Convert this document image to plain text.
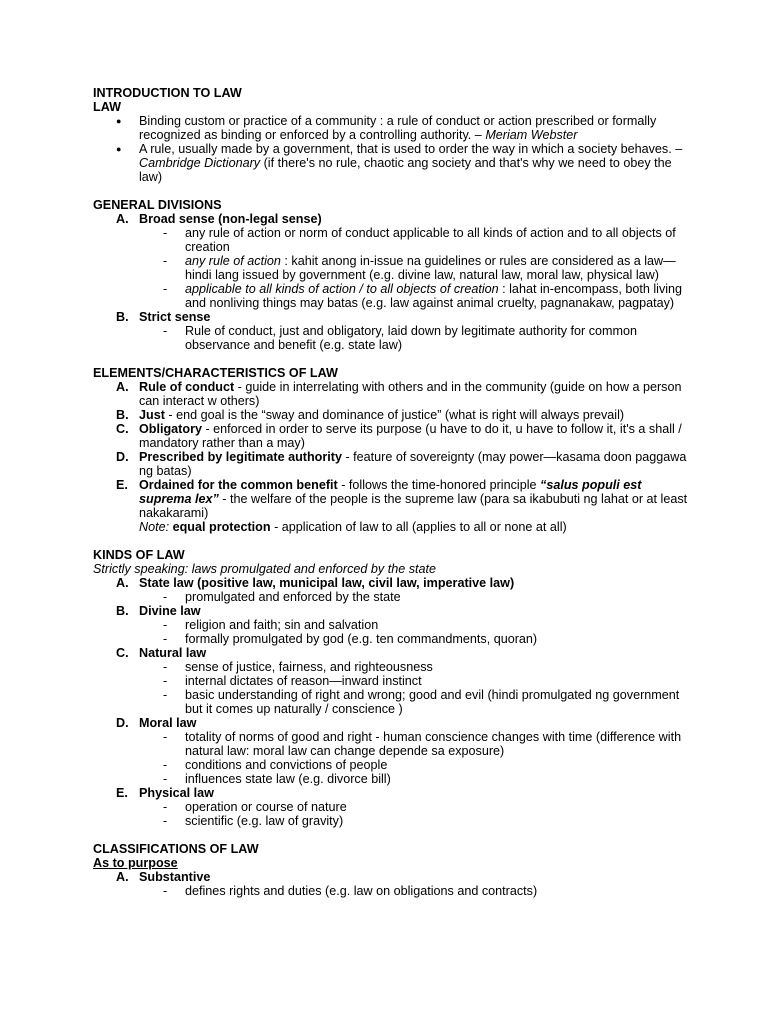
INTRODUCTION TO LAW
LAW
● Binding custom or practice of a community : a rule of conduct or action prescribed or formally recognized as binding or enforced by a controlling authority. – Meriam Webster
● A rule, usually made by a government, that is used to order the way in which a society behaves. – Cambridge Dictionary (if there's no rule, chaotic ang society and that's why we need to obey the law)
GENERAL DIVISIONS
A. Broad sense (non-legal sense)
- any rule of action or norm of conduct applicable to all kinds of action and to all objects of creation
- any rule of action : kahit anong in-issue na guidelines or rules are considered as a law—hindi lang issued by government (e.g. divine law, natural law, moral law, physical law)
- applicable to all kinds of action / to all objects of creation : lahat in-encompass, both living and nonliving things may batas (e.g. law against animal cruelty, pagnanakaw, pagpatay)
B. Strict sense
- Rule of conduct, just and obligatory, laid down by legitimate authority for common observance and benefit (e.g. state law)
ELEMENTS/CHARACTERISTICS OF LAW
A. Rule of conduct - guide in interrelating with others and in the community (guide on how a person can interact w others)
B. Just - end goal is the “sway and dominance of justice” (what is right will always prevail)
C. Obligatory - enforced in order to serve its purpose (u have to do it, u have to follow it, it's a shall / mandatory rather than a may)
D. Prescribed by legitimate authority - feature of sovereignty (may power—kasama doon paggawa ng batas)
E. Ordained for the common benefit - follows the time-honored principle “salus populi est suprema lex” - the welfare of the people is the supreme law (para sa ikabubuti ng lahat or at least nakakarami)
Note: equal protection - application of law to all (applies to all or none at all)
KINDS OF LAW
Strictly speaking: laws promulgated and enforced by the state
A. State law (positive law, municipal law, civil law, imperative law)
- promulgated and enforced by the state
B. Divine law
- religion and faith; sin and salvation
- formally promulgated by god (e.g. ten commandments, quoran)
C. Natural law
- sense of justice, fairness, and righteousness
- internal dictates of reason—inward instinct
- basic understanding of right and wrong; good and evil (hindi promulgated ng government but it comes up naturally / conscience )
D. Moral law
- totality of norms of good and right - human conscience changes with time (difference with natural law: moral law can change depende sa exposure)
- conditions and convictions of people
- influences state law (e.g. divorce bill)
E. Physical law
- operation or course of nature
- scientific (e.g. law of gravity)
CLASSIFICATIONS OF LAW
As to purpose
A. Substantive
- defines rights and duties (e.g. law on obligations and contracts)
